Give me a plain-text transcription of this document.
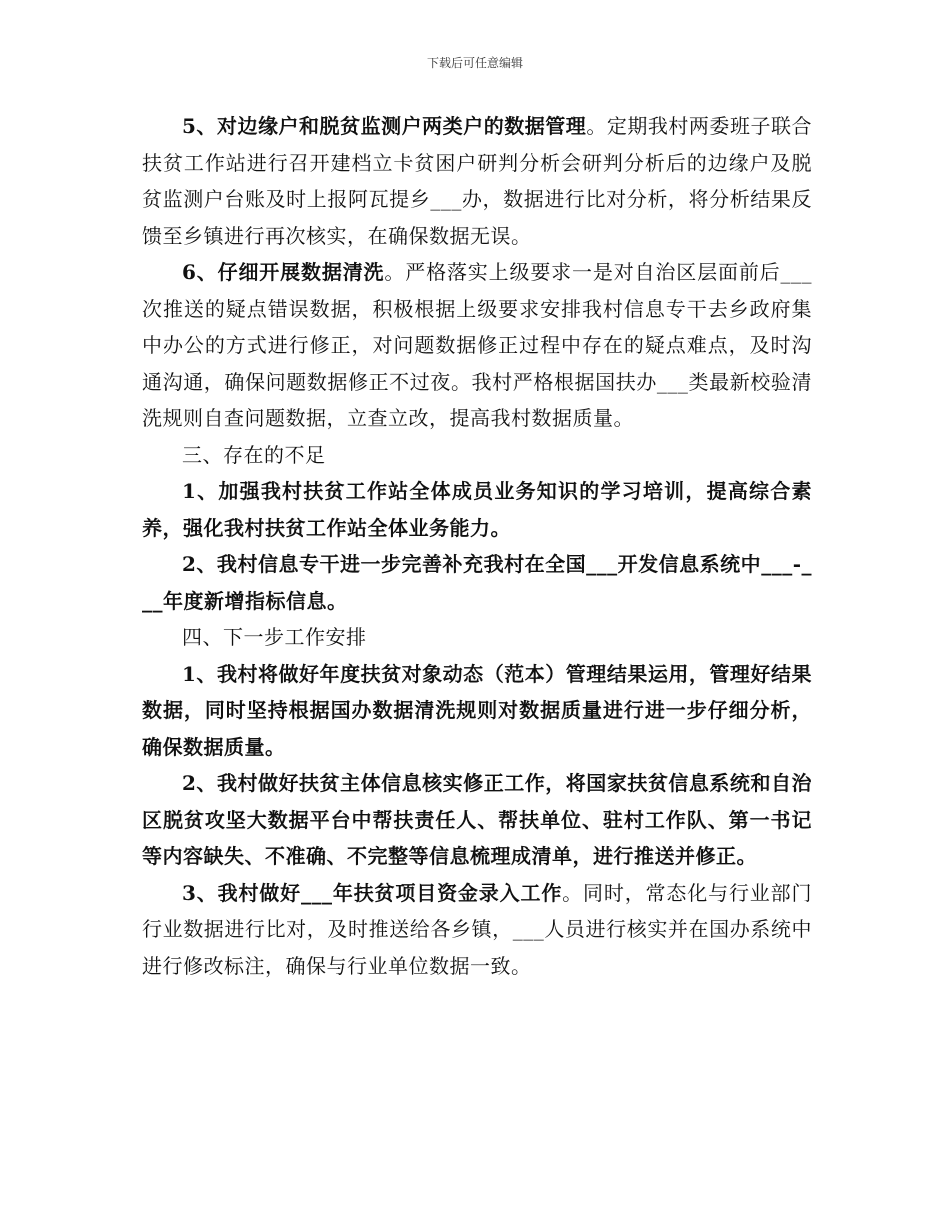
下载后可任意编辑

5、对边缘户和脱贫监测户两类户的数据管理。定期我村两委班子联合扶贫工作站进行召开建档立卡贫困户研判分析会研判分析后的边缘户及脱贫监测户台账及时上报阿瓦提乡___办，数据进行比对分析，将分析结果反馈至乡镇进行再次核实，在确保数据无误。

6、仔细开展数据清洗。严格落实上级要求一是对自治区层面前后___次推送的疑点错误数据，积极根据上级要求安排我村信息专干去乡政府集中办公的方式进行修正，对问题数据修正过程中存在的疑点难点，及时沟通沟通，确保问题数据修正不过夜。我村严格根据国扶办___类最新校验清洗规则自查问题数据，立查立改，提高我村数据质量。

三、存在的不足

1、加强我村扶贫工作站全体成员业务知识的学习培训，提高综合素养，强化我村扶贫工作站全体业务能力。

2、我村信息专干进一步完善补充我村在全国___开发信息系统中___-___年度新增指标信息。

四、下一步工作安排

1、我村将做好年度扶贫对象动态（范本）管理结果运用，管理好结果数据，同时坚持根据国办数据清洗规则对数据质量进行进一步仔细分析，确保数据质量。

2、我村做好扶贫主体信息核实修正工作，将国家扶贫信息系统和自治区脱贫攻坚大数据平台中帮扶责任人、帮扶单位、驻村工作队、第一书记等内容缺失、不准确、不完整等信息梳理成清单，进行推送并修正。

3、我村做好___年扶贫项目资金录入工作。同时，常态化与行业部门行业数据进行比对，及时推送给各乡镇，___人员进行核实并在国办系统中进行修改标注，确保与行业单位数据一致。
